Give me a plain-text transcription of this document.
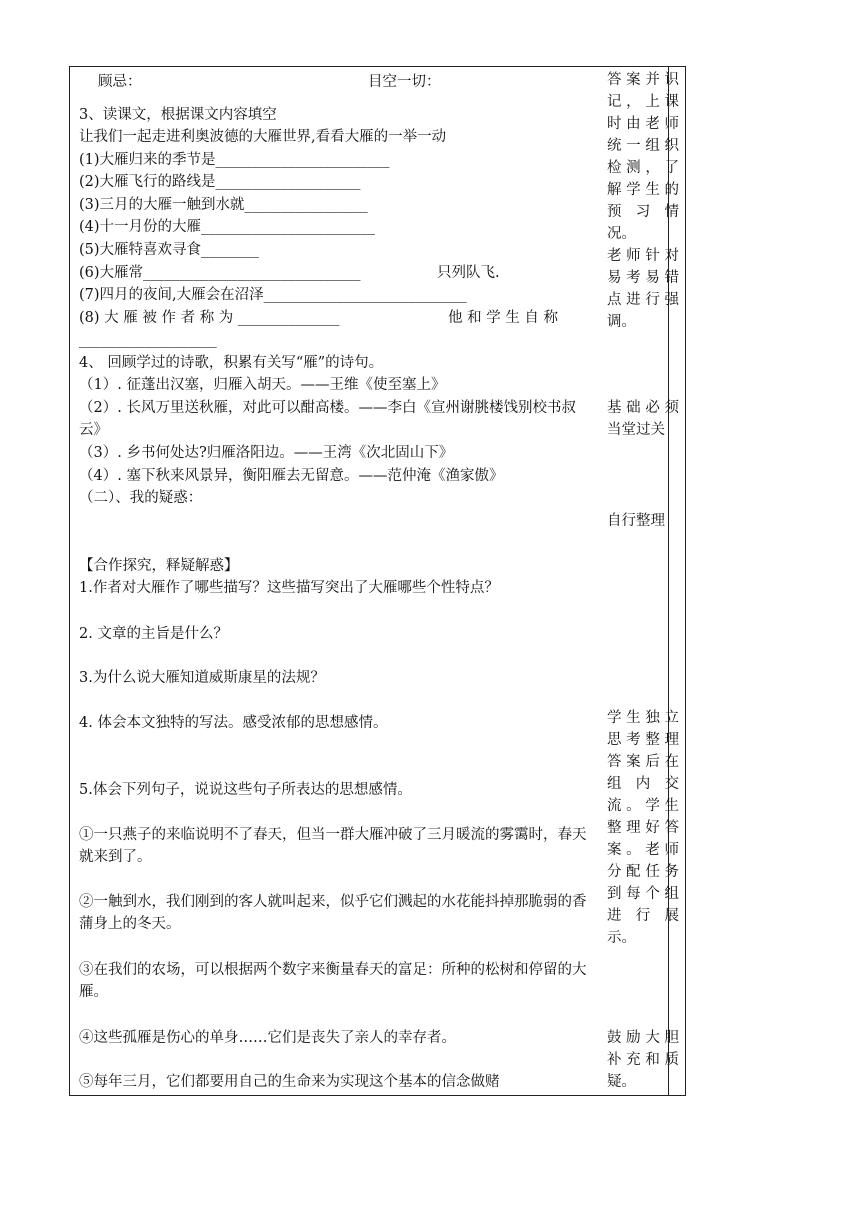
顾忌：	目空一切：
3、读课文，根据课文内容填空
让我们一起走进利奥波德的大雁世界,看看大雁的一举一动
(1)大雁归来的季节是________________________
(2)大雁飞行的路线是____________________
(3)三月的大雁一触到水就_________________
(4)十一月份的大雁________________________
(5)大雁特喜欢寻食________
(6)大雁常______________________________	只列队飞.
(7)四月的夜间,大雁会在沼泽____________________________
(8) 大 雁 被 作 者 称 为 ______________	他 和 学 生 自 称
___________________
4、 回顾学过的诗歌，积累有关写“雁”的诗句。
（1）. 征蓬出汉塞，归雁入胡天。——王维《使至塞上》
（2）. 长风万里送秋雁，对此可以酣高楼。——李白《宣州谢朓楼饯别校书叔云》
（3）. 乡书何处达?归雁洛阳边。——王湾《次北固山下》
（4）. 塞下秋来风景异，衡阳雁去无留意。——范仲淹《渔家傲》
（二）、我的疑惑：
【合作探究，释疑解惑】
1.作者对大雁作了哪些描写？这些描写突出了大雁哪些个性特点？
2. 文章的主旨是什么？
3.为什么说大雁知道威斯康星的法规？
4. 体会本文独特的写法。感受浓郁的思想感情。
5.体会下列句子，说说这些句子所表达的思想感情。
①一只燕子的来临说明不了春天，但当一群大雁冲破了三月暖流的雾霭时，春天就来到了。
②一触到水，我们刚到的客人就叫起来，似乎它们溅起的水花能抖掉那脆弱的香蒲身上的冬天。
③在我们的农场，可以根据两个数字来衡量春天的富足：所种的松树和停留的大雁。
④这些孤雁是伤心的单身……它们是丧失了亲人的幸存者。
⑤每年三月，它们都要用自己的生命来为实现这个基本的信念做赌
答案并识记，上课时由老师统一组织检测，了解学生的预习情况。
老师针对易考易错点进行强调。
基础必须当堂过关
自行整理
学生独立思考整理答案后在组内交流。学生整理好答案。老师分配任务到每个组进行展示。
鼓励大胆补充和质疑。
